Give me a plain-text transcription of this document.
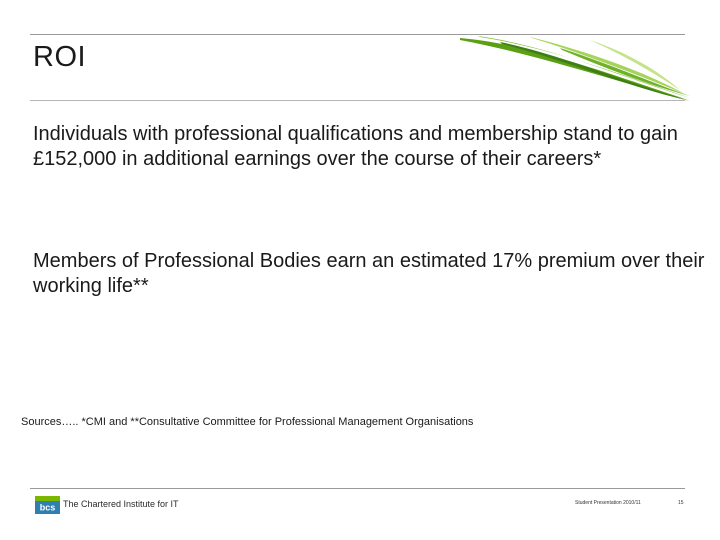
ROI

Individuals with professional qualifications and membership stand to gain £152,000 in additional earnings over the course of their careers*

Members of Professional Bodies earn an estimated 17% premium over their working life**

Sources….. *CMI and **Consultative Committee for Professional Management Organisations

bcs The Chartered Institute for IT	Student Presentation 2010/11	15
